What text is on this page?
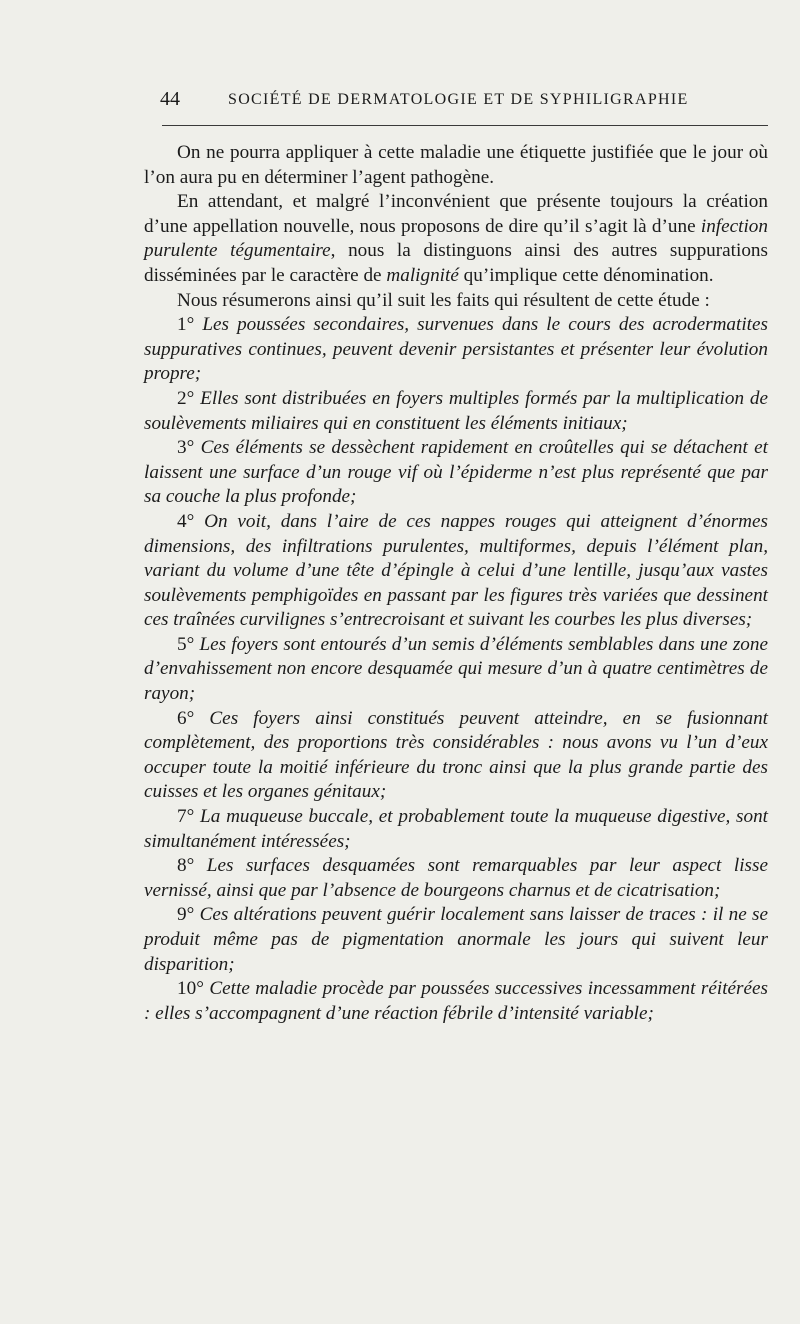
44	SOCIÉTÉ DE DERMATOLOGIE ET DE SYPHILIGRAPHIE

On ne pourra appliquer à cette maladie une étiquette justifiée que le jour où l’on aura pu en déterminer l’agent pathogène.

En attendant, et malgré l’inconvénient que présente toujours la création d’une appellation nouvelle, nous proposons de dire qu’il s’agit là d’une infection purulente tégumentaire, nous la distinguons ainsi des autres suppurations disséminées par le caractère de malignité qu’implique cette dénomination.

Nous résumerons ainsi qu’il suit les faits qui résultent de cette étude :

1° Les poussées secondaires, survenues dans le cours des acrodermatites suppuratives continues, peuvent devenir persistantes et présenter leur évolution propre;

2° Elles sont distribuées en foyers multiples formés par la multiplication de soulèvements miliaires qui en constituent les éléments initiaux;

3° Ces éléments se dessèchent rapidement en croûtelles qui se détachent et laissent une surface d’un rouge vif où l’épiderme n’est plus représenté que par sa couche la plus profonde;

4° On voit, dans l’aire de ces nappes rouges qui atteignent d’énormes dimensions, des infiltrations purulentes, multiformes, depuis l’élément plan, variant du volume d’une tête d’épingle à celui d’une lentille, jusqu’aux vastes soulèvements pemphigoïdes en passant par les figures très variées que dessinent ces traînées curvilignes s’entrecroisant et suivant les courbes les plus diverses;

5° Les foyers sont entourés d’un semis d’éléments semblables dans une zone d’envahissement non encore desquamée qui mesure d’un à quatre centimètres de rayon;

6° Ces foyers ainsi constitués peuvent atteindre, en se fusionnant complètement, des proportions très considérables : nous avons vu l’un d’eux occuper toute la moitié inférieure du tronc ainsi que la plus grande partie des cuisses et les organes génitaux;

7° La muqueuse buccale, et probablement toute la muqueuse digestive, sont simultanément intéressées;

8° Les surfaces desquamées sont remarquables par leur aspect lisse vernissé, ainsi que par l’absence de bourgeons charnus et de cicatrisation;

9° Ces altérations peuvent guérir localement sans laisser de traces : il ne se produit même pas de pigmentation anormale les jours qui suivent leur disparition;

10° Cette maladie procède par poussées successives incessamment réitérées : elles s’accompagnent d’une réaction fébrile d’intensité variable;
